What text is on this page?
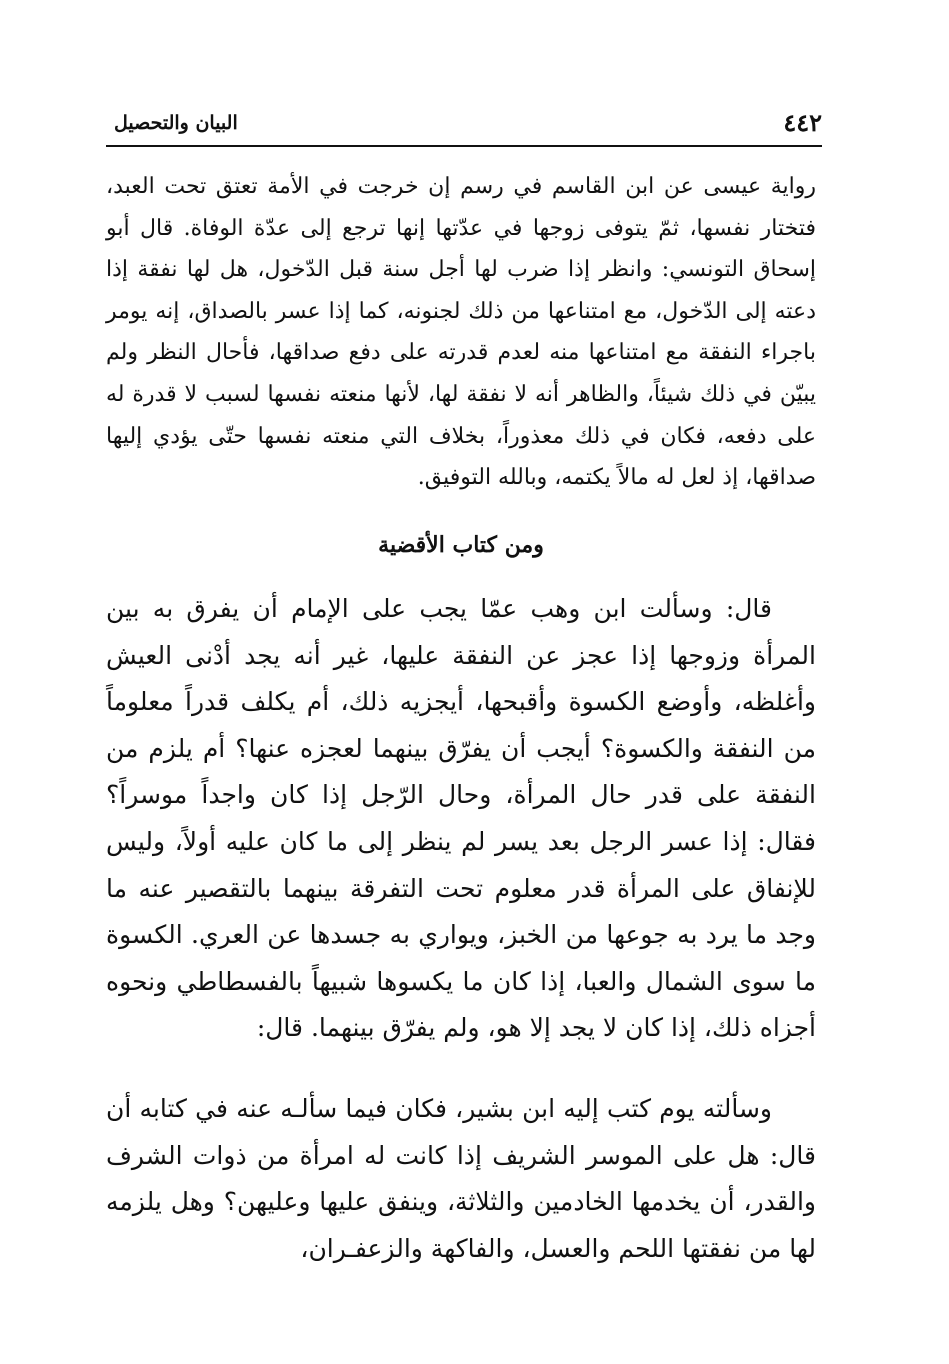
٤٤٢
البيان والتحصيل

رواية عيسى عن ابن القاسم في رسم إن خرجت في الأمة تعتق تحت العبد، فتختار نفسها، ثمّ يتوفى زوجها في عدّتها إنها ترجع إلى عدّة الوفاة. قال أبو إسحاق التونسي: وانظر إذا ضرب لها أجل سنة قبل الدّخول، هل لها نفقة إذا دعته إلى الدّخول، مع امتناعها من ذلك لجنونه، كما إذا عسر بالصداق، إنه يومر باجراء النفقة مع امتناعها منه لعدم قدرته على دفع صداقها، فأحال النظر ولم يبيّن في ذلك شيئاً، والظاهر أنه لا نفقة لها، لأنها منعته نفسها لسبب لا قدرة له على دفعه، فكان في ذلك معذوراً، بخلاف التي منعته نفسها حتّى يؤدي إليها صداقها، إذ لعل له مالاً يكتمه، وبالله التوفيق.

ومن كتاب الأقضية

قال: وسألت ابن وهب عمّا يجب على الإمام أن يفرق به بين المرأة وزوجها إذا عجز عن النفقة عليها، غير أنه يجد أدْنى العيش وأغلظه، وأوضع الكسوة وأقبحها، أيجزيه ذلك، أم يكلف قدراً معلوماً من النفقة والكسوة؟ أيجب أن يفرّق بينهما لعجزه عنها؟ أم يلزم من النفقة على قدر حال المرأة، وحال الرّجل إذا كان واجداً موسراً؟ فقال: إذا عسر الرجل بعد يسر لم ينظر إلى ما كان عليه أولاً، وليس للإنفاق على المرأة قدر معلوم تحت التفرقة بينهما بالتقصير عنه ما وجد ما يرد به جوعها من الخبز، ويواري به جسدها عن العري. الكسوة ما سوى الشمال والعبا، إذا كان ما يكسوها شبيهاً بالفسطاطي ونحوه أجزاه ذلك، إذا كان لا يجد إلا هو، ولم يفرّق بينهما. قال:

وسألته يوم كتب إليه ابن بشير، فكان فيما سألـه عنه في كتابه أن قال: هل على الموسر الشريف إذا كانت له امرأة من ذوات الشرف والقدر، أن يخدمها الخادمين والثلاثة، وينفق عليها وعليهن؟ وهل يلزمه لها من نفقتها اللحم والعسل، والفاكهة والزعفـران،
